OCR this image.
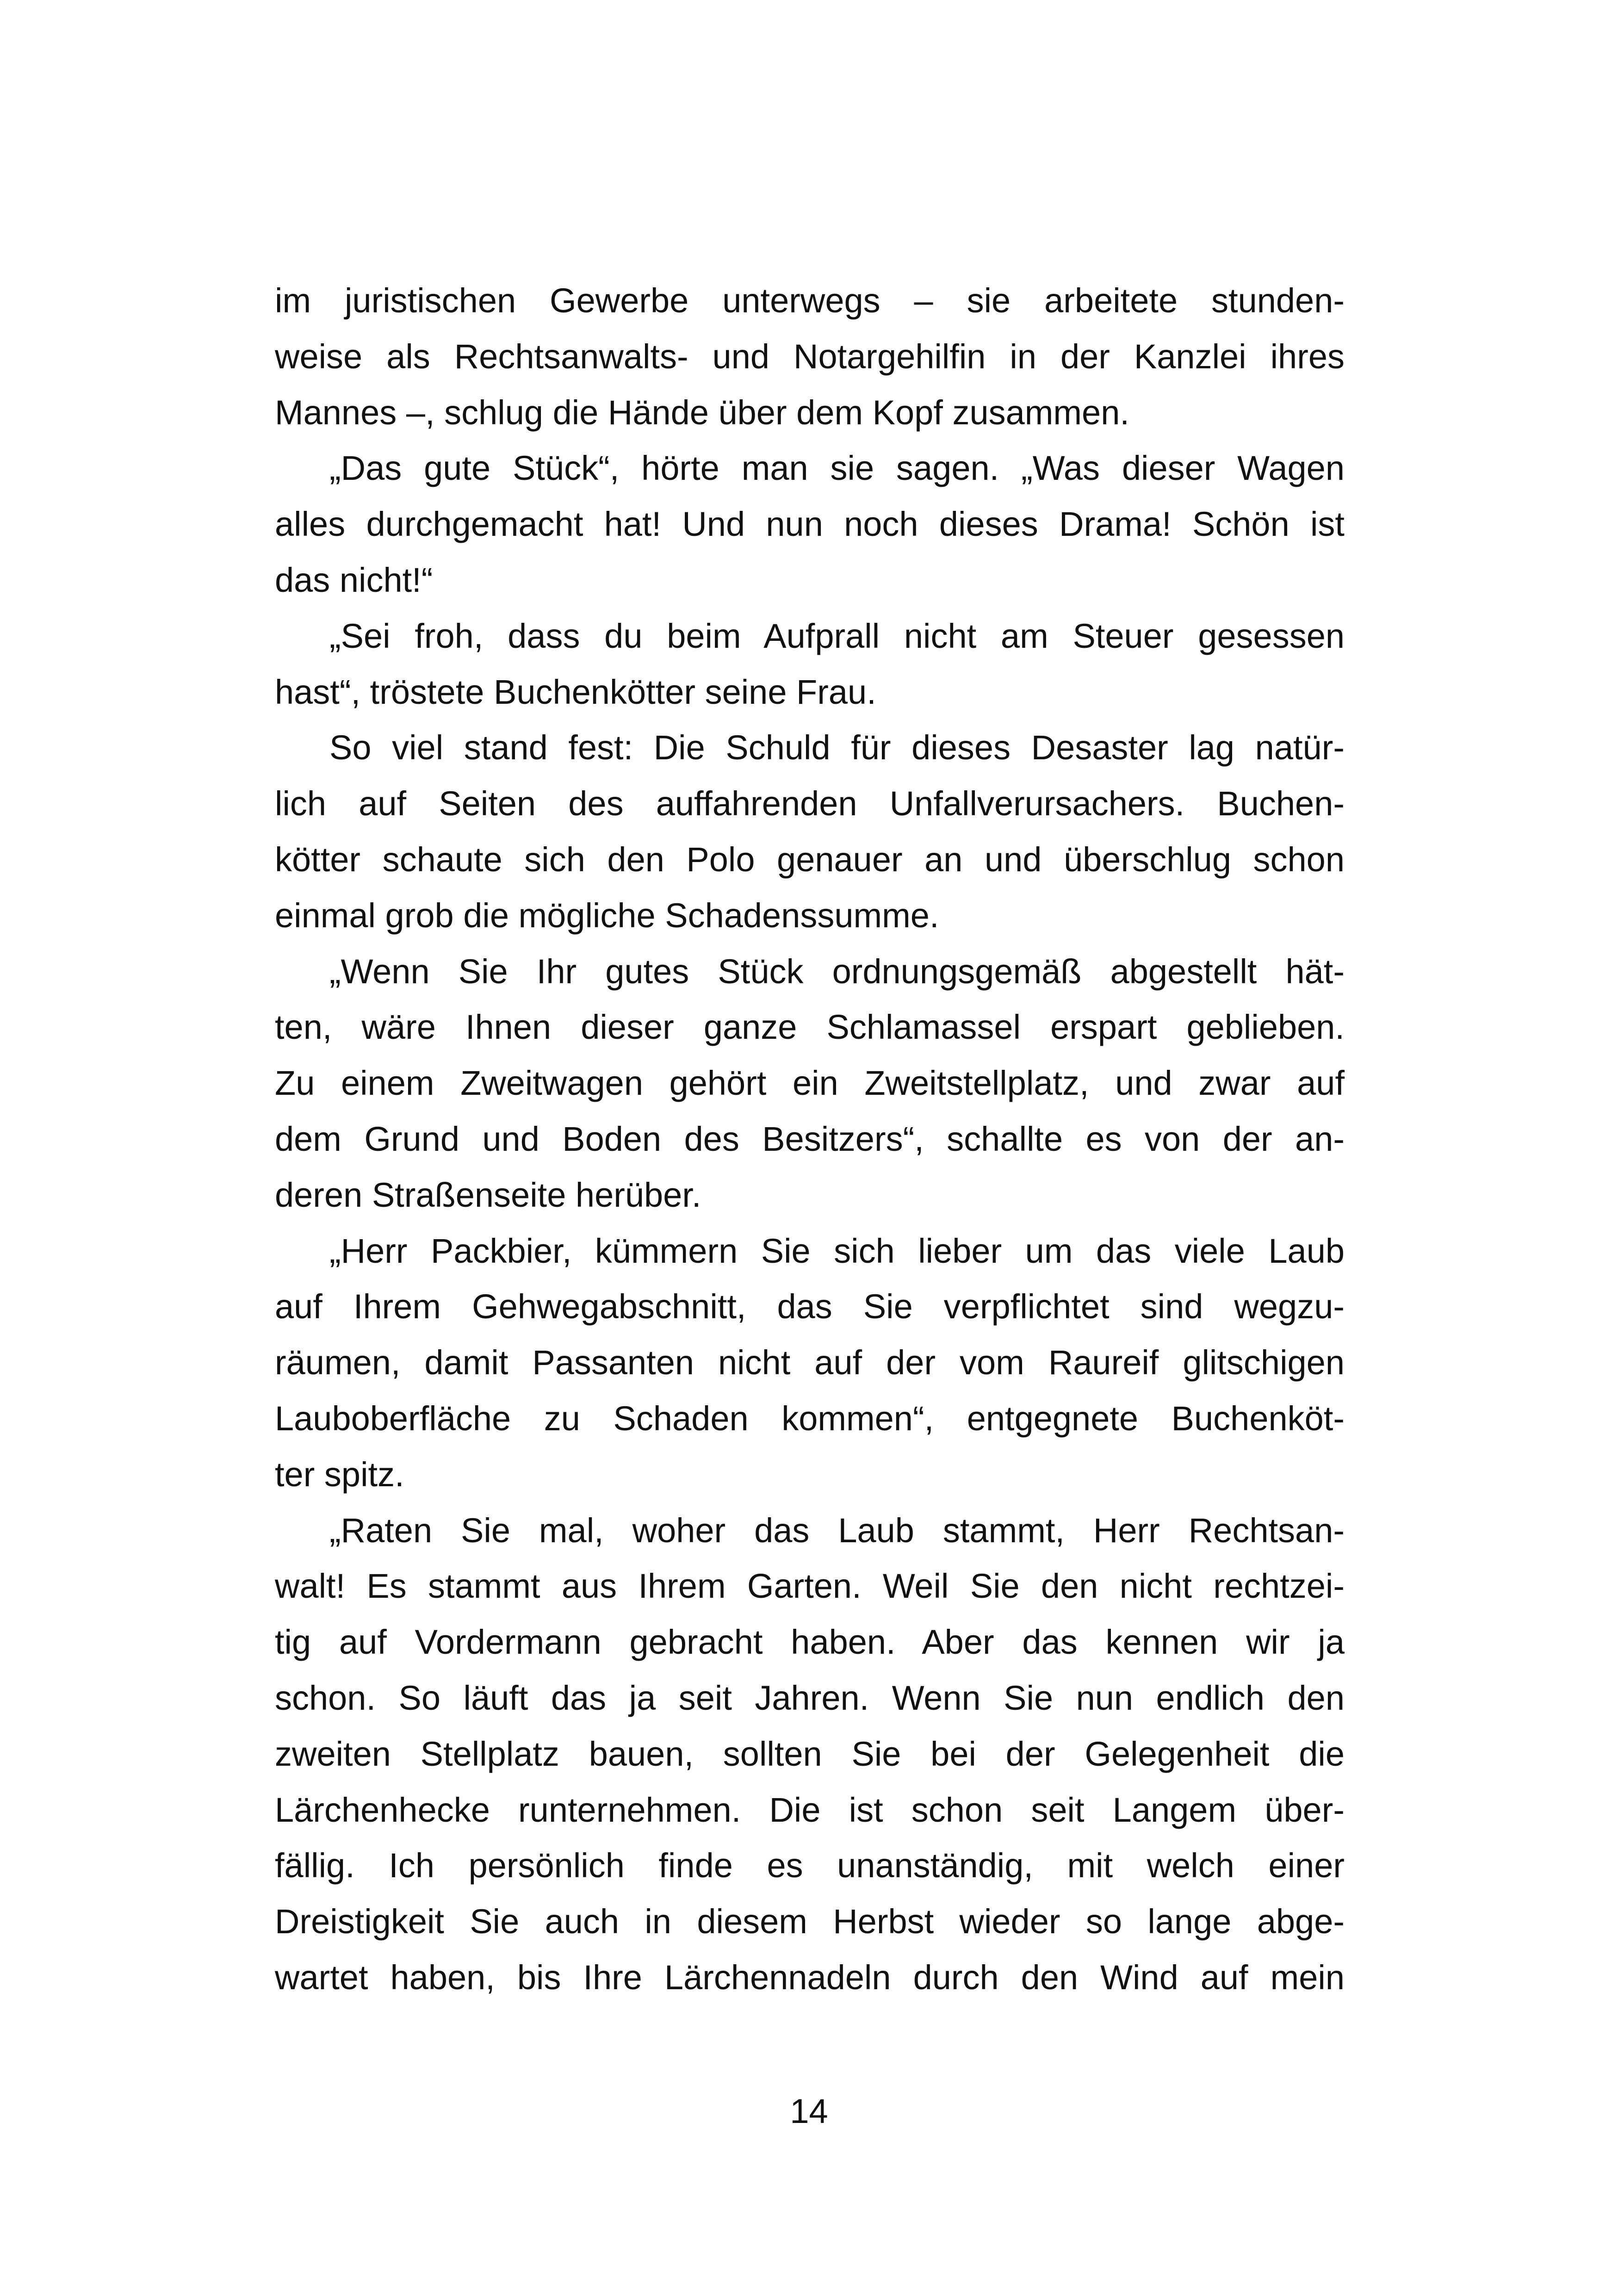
im juristischen Gewerbe unterwegs – sie arbeitete stunden-
weise als Rechtsanwalts- und Notargehilfin in der Kanzlei ihres
Mannes –, schlug die Hände über dem Kopf zusammen.
„Das gute Stück“, hörte man sie sagen. „Was dieser Wagen
alles durchgemacht hat! Und nun noch dieses Drama! Schön ist
das nicht!“
„Sei froh, dass du beim Aufprall nicht am Steuer gesessen
hast“, tröstete Buchenkötter seine Frau.
So viel stand fest: Die Schuld für dieses Desaster lag natür-
lich auf Seiten des auffahrenden Unfallverursachers. Buchen-
kötter schaute sich den Polo genauer an und überschlug schon
einmal grob die mögliche Schadenssumme.
„Wenn Sie Ihr gutes Stück ordnungsgemäß abgestellt hät-
ten, wäre Ihnen dieser ganze Schlamassel erspart geblieben.
Zu einem Zweitwagen gehört ein Zweitstellplatz, und zwar auf
dem Grund und Boden des Besitzers“, schallte es von der an-
deren Straßenseite herüber.
„Herr Packbier, kümmern Sie sich lieber um das viele Laub
auf Ihrem Gehwegabschnitt, das Sie verpflichtet sind wegzu-
räumen, damit Passanten nicht auf der vom Raureif glitschigen
Lauboberfläche zu Schaden kommen“, entgegnete Buchenköt-
ter spitz.
„Raten Sie mal, woher das Laub stammt, Herr Rechtsan-
walt! Es stammt aus Ihrem Garten. Weil Sie den nicht rechtzei-
tig auf Vordermann gebracht haben. Aber das kennen wir ja
schon. So läuft das ja seit Jahren. Wenn Sie nun endlich den
zweiten Stellplatz bauen, sollten Sie bei der Gelegenheit die
Lärchenhecke runternehmen. Die ist schon seit Langem über-
fällig. Ich persönlich finde es unanständig, mit welch einer
Dreistigkeit Sie auch in diesem Herbst wieder so lange abge-
wartet haben, bis Ihre Lärchennadeln durch den Wind auf mein
14
